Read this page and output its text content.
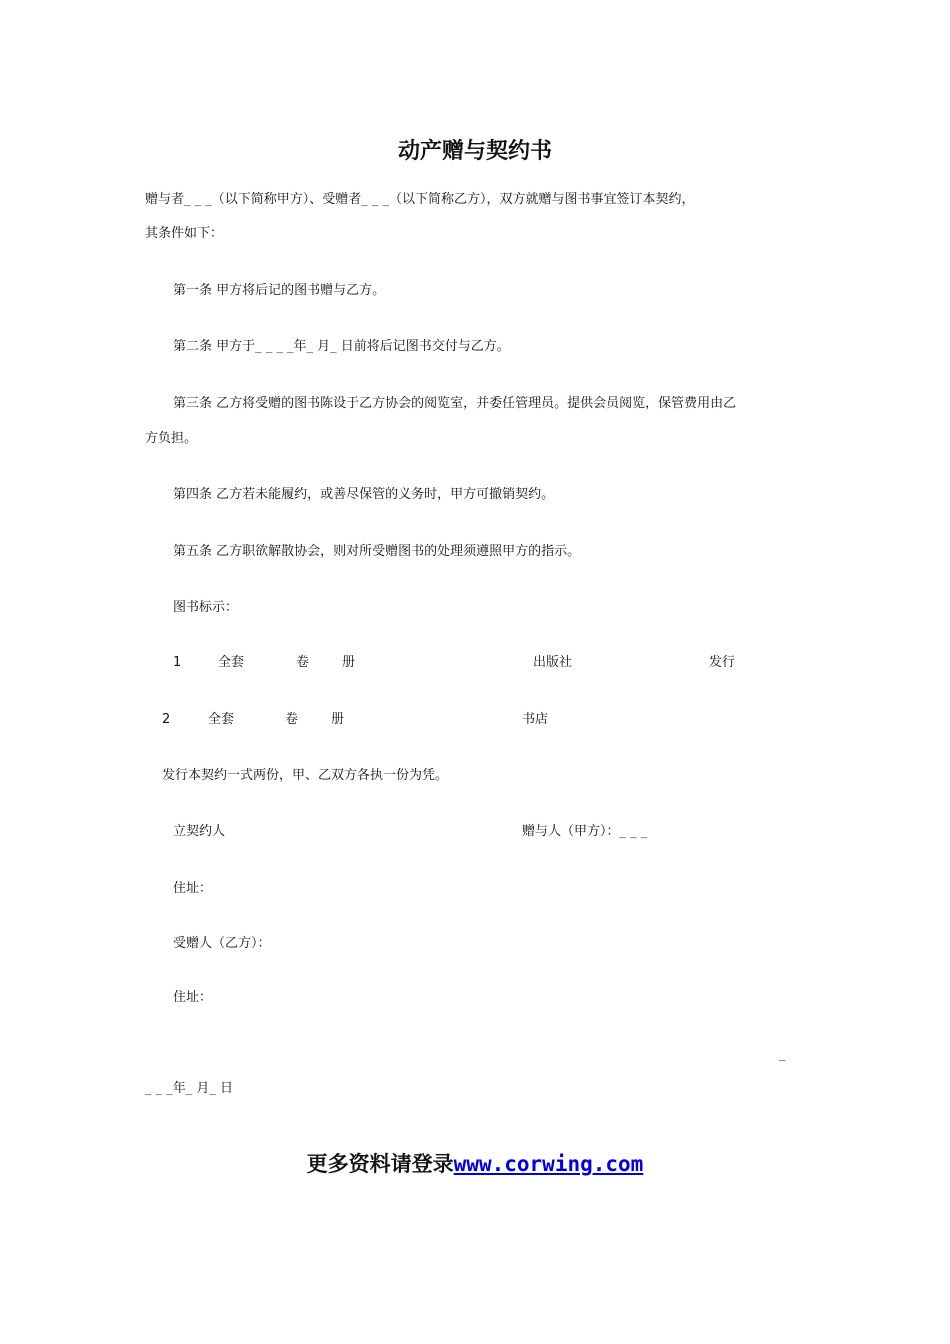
动产赠与契约书
赠与者_ _ _（以下简称甲方）、受赠者_ _ _（以下简称乙方），双方就赠与图书事宜签订本契约，
其条件如下：
第一条 甲方将后记的图书赠与乙方。
第二条 甲方于_ _ _ _年_ 月_ 日前将后记图书交付与乙方。
第三条 乙方将受赠的图书陈设于乙方协会的阅览室，并委任管理员。提供会员阅览，保管费用由乙
方负担。
第四条 乙方若未能履约，或善尽保管的义务时，甲方可撤销契约。
第五条 乙方职欲解散协会，则对所受赠图书的处理须遵照甲方的指示。
图书标示：
1	全套	卷	册	出版社	发行
2	全套	卷	册	书店
发行本契约一式两份，甲、乙双方各执一份为凭。
立契约人	赠与人（甲方）：_ _ _
住址：
受赠人（乙方）：
住址：
_
_ _ _年_ 月_ 日
更多资料请登录www.corwing.com
